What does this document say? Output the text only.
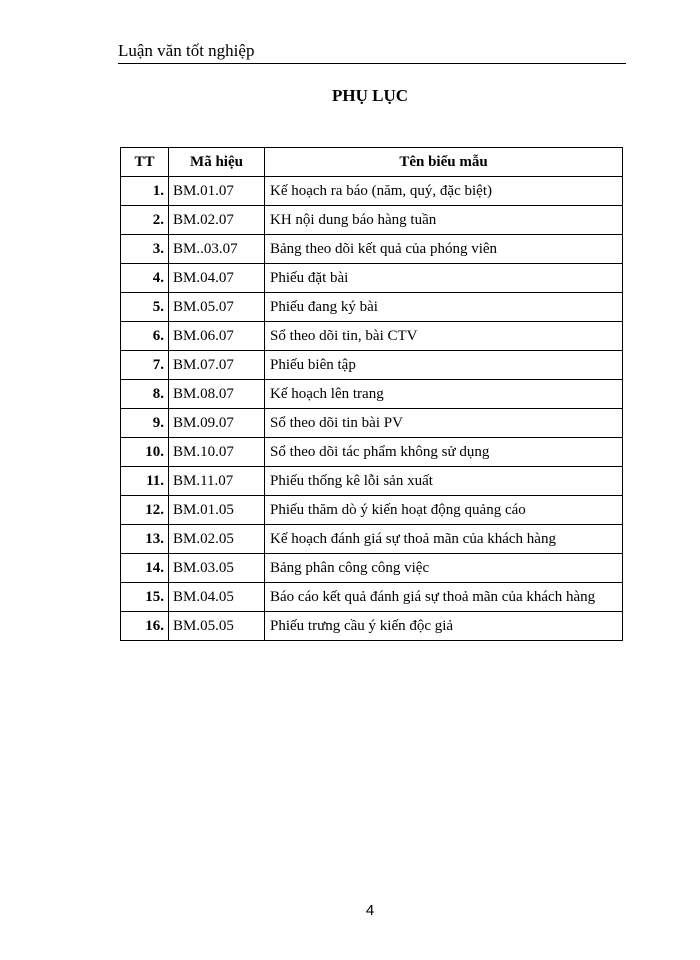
Luận văn tốt nghiệp
PHỤ LỤC
TT	Mã hiệu	Tên biểu mẫu
1.	BM.01.07	Kế hoạch ra báo (năm, quý, đặc biệt)
2.	BM.02.07	KH nội dung báo hàng tuần
3.	BM..03.07	Bảng theo dõi kết quả của phóng viên
4.	BM.04.07	Phiếu đặt bài
5.	BM.05.07	Phiếu đang ký bài
6.	BM.06.07	Sổ theo dõi tin, bài CTV
7.	BM.07.07	Phiếu biên tập
8.	BM.08.07	Kế hoạch lên trang
9.	BM.09.07	Sổ theo dõi tin bài PV
10.	BM.10.07	Sổ theo dõi tác phẩm không sử dụng
11.	BM.11.07	Phiếu thống kê lỗi sản xuất
12.	BM.01.05	Phiếu thăm dò ý kiến hoạt động quảng cáo
13.	BM.02.05	Kế hoạch đánh giá sự thoả mãn của khách hàng
14.	BM.03.05	Bảng phân công công việc
15.	BM.04.05	Báo cáo kết quả đánh giá sự thoả mãn của khách hàng
16.	BM.05.05	Phiếu trưng cầu ý kiến độc giả
4
